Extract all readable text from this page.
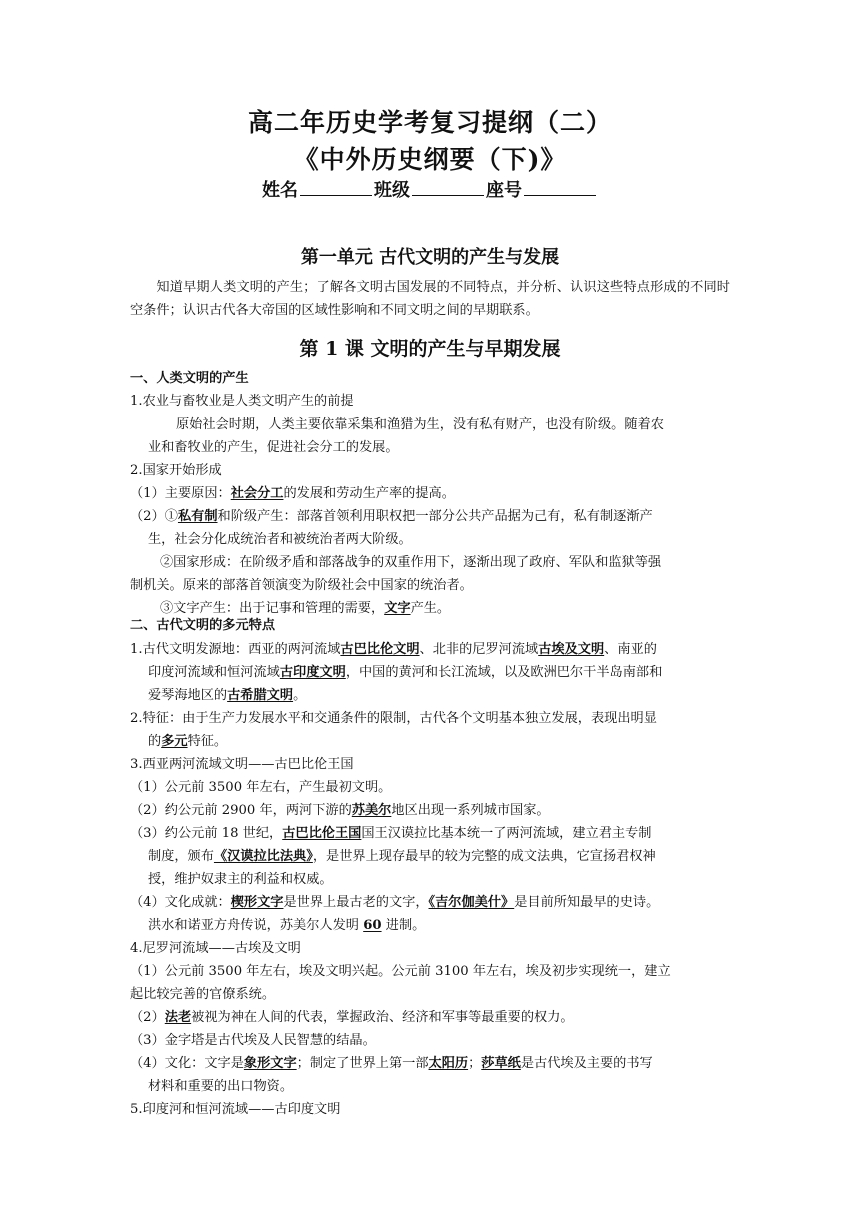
高二年历史学考复习提纲（二）
《中外历史纲要（下)》
姓名	班级	座号
第一单元 古代文明的产生与发展
知道早期人类文明的产生；了解各文明古国发展的不同特点，并分析、认识这些特点形成的不同时空条件；认识古代各大帝国的区域性影响和不同文明之间的早期联系。
第 1 课 文明的产生与早期发展
一、人类文明的产生
1.农业与畜牧业是人类文明产生的前提
原始社会时期，人类主要依靠采集和渔猎为生，没有私有财产，也没有阶级。随着农
业和畜牧业的产生，促进社会分工的发展。
2.国家开始形成
（1）主要原因：社会分工的发展和劳动生产率的提高。
（2）①私有制和阶级产生：部落首领利用职权把一部分公共产品据为己有，私有制逐渐产
生，社会分化成统治者和被统治者两大阶级。
②国家形成：在阶级矛盾和部落战争的双重作用下，逐渐出现了政府、军队和监狱等强
制机关。原来的部落首领演变为阶级社会中国家的统治者。
③文字产生：出于记事和管理的需要，文字产生。
二、古代文明的多元特点
1.古代文明发源地：西亚的两河流域古巴比伦文明、北非的尼罗河流域古埃及文明、南亚的
印度河流域和恒河流域古印度文明，中国的黄河和长江流域，以及欧洲巴尔干半岛南部和
爱琴海地区的古希腊文明。
2.特征：由于生产力发展水平和交通条件的限制，古代各个文明基本独立发展，表现出明显
的多元特征。
3.西亚两河流域文明——古巴比伦王国
（1）公元前 3500 年左右，产生最初文明。
（2）约公元前 2900 年，两河下游的苏美尔地区出现一系列城市国家。
（3）约公元前 18 世纪，古巴比伦王国国王汉谟拉比基本统一了两河流域，建立君主专制
制度，颁布《汉谟拉比法典》，是世界上现存最早的较为完整的成文法典，它宣扬君权神
授，维护奴隶主的利益和权威。
（4）文化成就：楔形文字是世界上最古老的文字，《吉尔伽美什》是目前所知最早的史诗。
洪水和诺亚方舟传说，苏美尔人发明 60 进制。
4.尼罗河流域——古埃及文明
（1）公元前 3500 年左右，埃及文明兴起。公元前 3100 年左右，埃及初步实现统一，建立
起比较完善的官僚系统。
（2）法老被视为神在人间的代表，掌握政治、经济和军事等最重要的权力。
（3）金字塔是古代埃及人民智慧的结晶。
（4）文化：文字是象形文字；制定了世界上第一部太阳历；莎草纸是古代埃及主要的书写
材料和重要的出口物资。
5.印度河和恒河流域——古印度文明
